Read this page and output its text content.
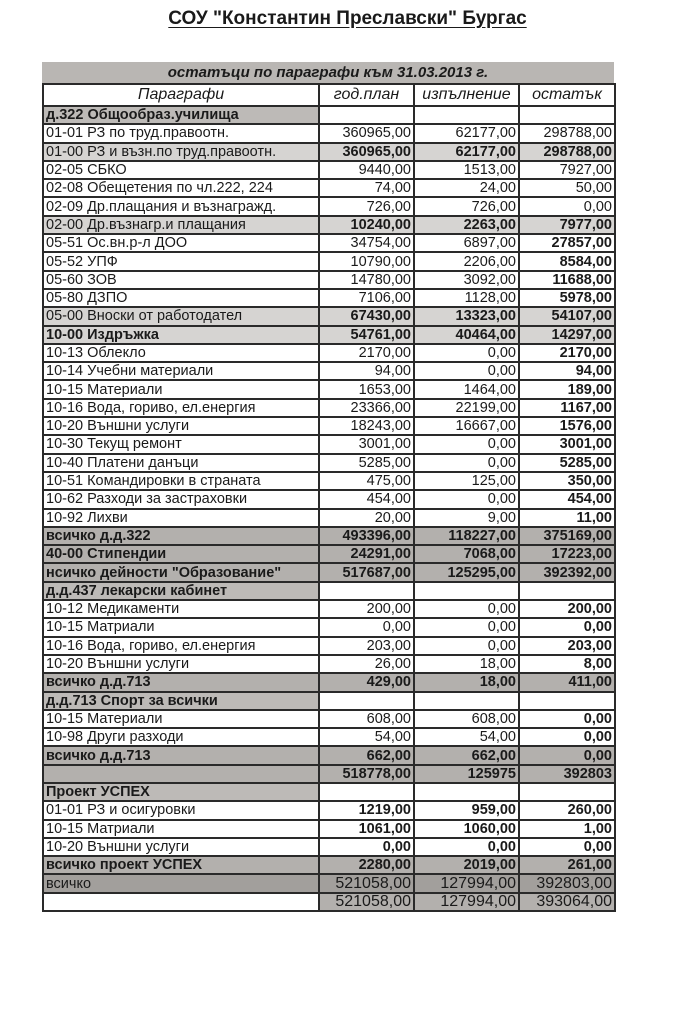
СОУ "Константин Преславски" Бургас
остатъци по параграфи към 31.03.2013 г.
Параграфи	год.план	изпълнение	остатък
д.322 Общообраз.училища			
01-01 РЗ по труд.правоотн.	360965,00	62177,00	298788,00
01-00 РЗ и възн.по труд.правоотн.	360965,00	62177,00	298788,00
02-05 СБКО	9440,00	1513,00	7927,00
02-08 Обещетения по чл.222, 224	74,00	24,00	50,00
02-09 Др.плащания и възнагражд.	726,00	726,00	0,00
02-00 Др.възнагр.и плащания	10240,00	2263,00	7977,00
05-51 Ос.вн.р-л ДОО	34754,00	6897,00	27857,00
05-52 УПФ	10790,00	2206,00	8584,00
05-60 ЗОВ	14780,00	3092,00	11688,00
05-80 ДЗПО	7106,00	1128,00	5978,00
05-00 Вноски от работодател	67430,00	13323,00	54107,00
10-00 Издръжка	54761,00	40464,00	14297,00
10-13 Облекло	2170,00	0,00	2170,00
10-14 Учебни материали	94,00	0,00	94,00
10-15 Материали	1653,00	1464,00	189,00
10-16 Вода, гориво, ел.енергия	23366,00	22199,00	1167,00
10-20 Външни услуги	18243,00	16667,00	1576,00
10-30 Текущ ремонт	3001,00	0,00	3001,00
10-40 Платени данъци	5285,00	0,00	5285,00
10-51 Командировки в страната	475,00	125,00	350,00
10-62 Разходи за застраховки	454,00	0,00	454,00
10-92 Лихви	20,00	9,00	11,00
всичко д.д.322	493396,00	118227,00	375169,00
40-00 Стипендии	24291,00	7068,00	17223,00
нсичко дейности "Образование"	517687,00	125295,00	392392,00
д.д.437 лекарски кабинет			
10-12 Медикаменти	200,00	0,00	200,00
10-15 Матриали	0,00	0,00	0,00
10-16 Вода, гориво, ел.енергия	203,00	0,00	203,00
10-20 Външни услуги	26,00	18,00	8,00
всичко д.д.713	429,00	18,00	411,00
д.д.713 Спорт за всички			
10-15 Материали	608,00	608,00	0,00
10-98 Други разходи	54,00	54,00	0,00
всичко д.д.713	662,00	662,00	0,00
	518778,00	125975	392803
Проект УСПЕХ			
01-01 РЗ и осигуровки	1219,00	959,00	260,00
10-15 Матриали	1061,00	1060,00	1,00
10-20 Външни услуги	0,00	0,00	0,00
всичко проект УСПЕХ	2280,00	2019,00	261,00
всичко	521058,00	127994,00	392803,00
	521058,00	127994,00	393064,00
